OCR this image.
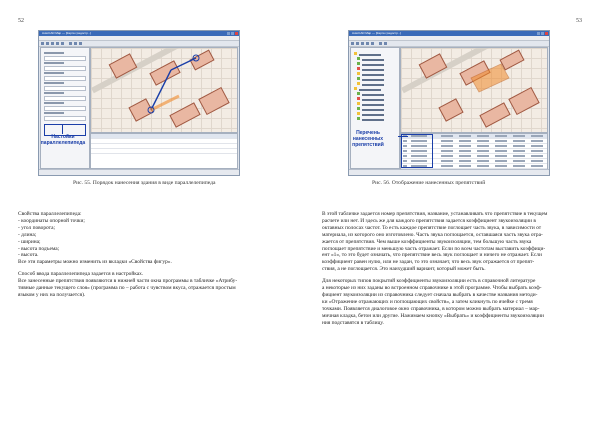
52
AutoCAD Map — [Карта градостр...]
Настойки
параллелепипеда
Рис. 55. Порядок нанесения здания в виде параллелепипеда

Свойства параллелепипеда:
- координаты опорной точки;
- угол поворота;
- длина;
- ширина;
- высота подъема;
- высота.
Все эти параметры можно изменить из вкладки «Свойства фигур».

Способ ввода параллелепипеда задается в настройках.
Все занесенные препятствия появляются в нижней части окна программы в табличке «Атрибу-
тивные данные текущего слоя» (программа по – работа с чувством вкуса, отражается простым
языком у них на получается).

53
AutoCAD Map — [Карта градостр...]
Перечень
нанесенных
препятствий
Рис. 56. Отображение нанесенных препятствий

В этой табличке задается номер препятствия, название, устанавливать что препятствие в текущем
расчете или нет. И здесь же для каждого препятствия задается коэффициент звукоизоляции в
октавных полосах частот. То есть каждое препятствие поглощает часть звука, в зависимости от
материала, из которого оно изготовлено. Часть звука поглощается, оставшаяся часть звука отра-
жается от препятствия. Чем выше коэффициенты звукоизоляции, тем большую часть звука
поглощает препятствие и меньшую часть отражает. Если по всем частотам выставить коэффици-
ент «1», то это будет означать, что препятствие весь звук поглощает и ничего не отражает. Если
коэффициент равен нулю, или не задан, то это означает, что весь звук отражается от препят-
ствия, а не поглощается. Это наихудший вариант, который может быть.

Для некоторых типов покрытий коэффициенты звукоизоляции есть в справочной литературе
а некоторые из них заданы во встроенном справочнике в этой программе. Чтобы выбрать коэф-
фициент звукоизоляции из справочника следует сначала выбрать в качестве названия методи-
ки «Отражение отражающих и поглощающих свойств», а затем кликнуть по ячейке с тремя
точками. Появляется диалоговое окно справочника, в котором можно выбрать материал – мар-
мичная кладка, бетон или другие. Нажимаем кнопку «Выбрать» и коэффициенты звукоизоляции
ния подставятся в таблицу.
